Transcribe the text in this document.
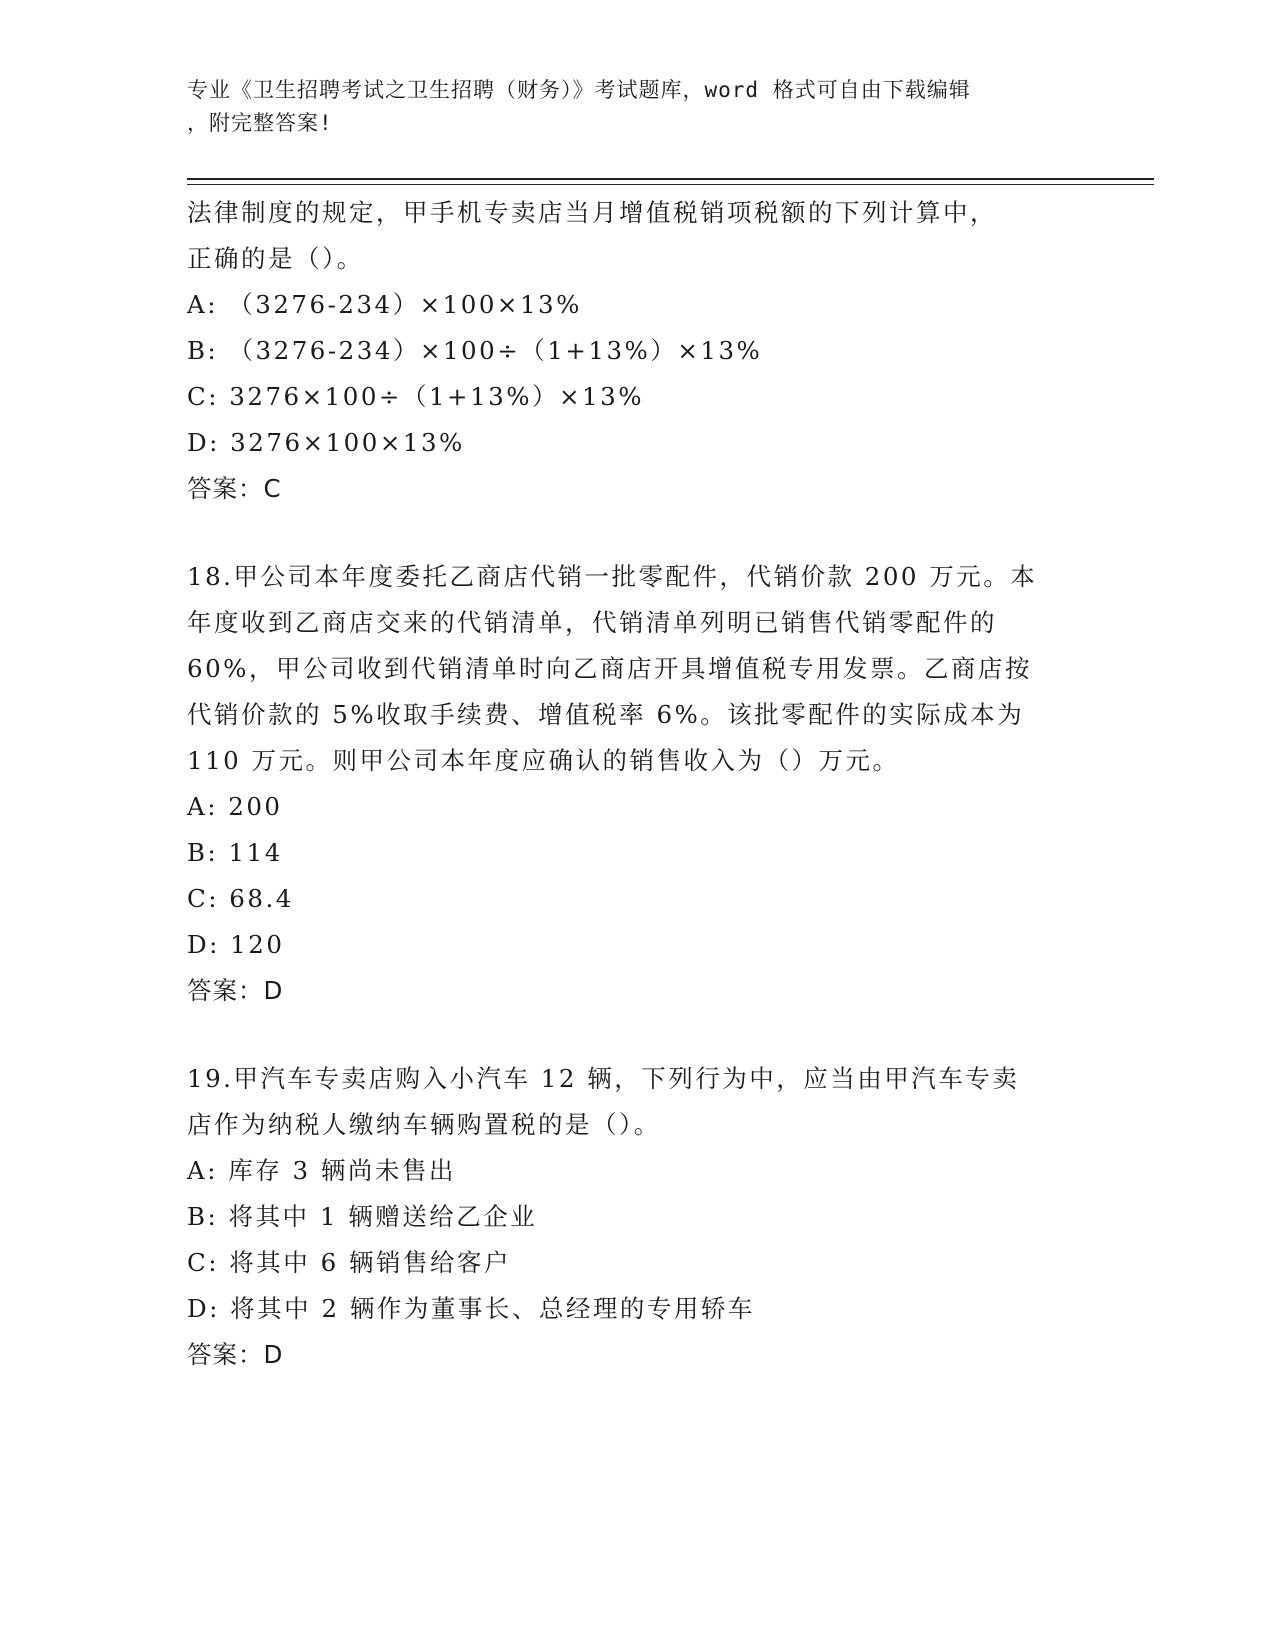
专业《卫生招聘考试之卫生招聘（财务）》考试题库，word 格式可自由下载编辑
，附完整答案!
法律制度的规定，甲手机专卖店当月增值税销项税额的下列计算中，
正确的是（）。
A: （3276-234）×100×13%
B: （3276-234）×100÷（1+13%）×13%
C: 3276×100÷（1+13%）×13%
D: 3276×100×13%
答案：C
18.甲公司本年度委托乙商店代销一批零配件，代销价款 200 万元。本
年度收到乙商店交来的代销清单，代销清单列明已销售代销零配件的
60%，甲公司收到代销清单时向乙商店开具增值税专用发票。乙商店按
代销价款的 5%收取手续费、增值税率 6%。该批零配件的实际成本为
110 万元。则甲公司本年度应确认的销售收入为（）万元。
A: 200
B: 114
C: 68.4
D: 120
答案：D
19.甲汽车专卖店购入小汽车 12 辆，下列行为中，应当由甲汽车专卖
店作为纳税人缴纳车辆购置税的是（）。
A: 库存 3 辆尚未售出
B: 将其中 1 辆赠送给乙企业
C: 将其中 6 辆销售给客户
D: 将其中 2 辆作为董事长、总经理的专用轿车
答案：D
